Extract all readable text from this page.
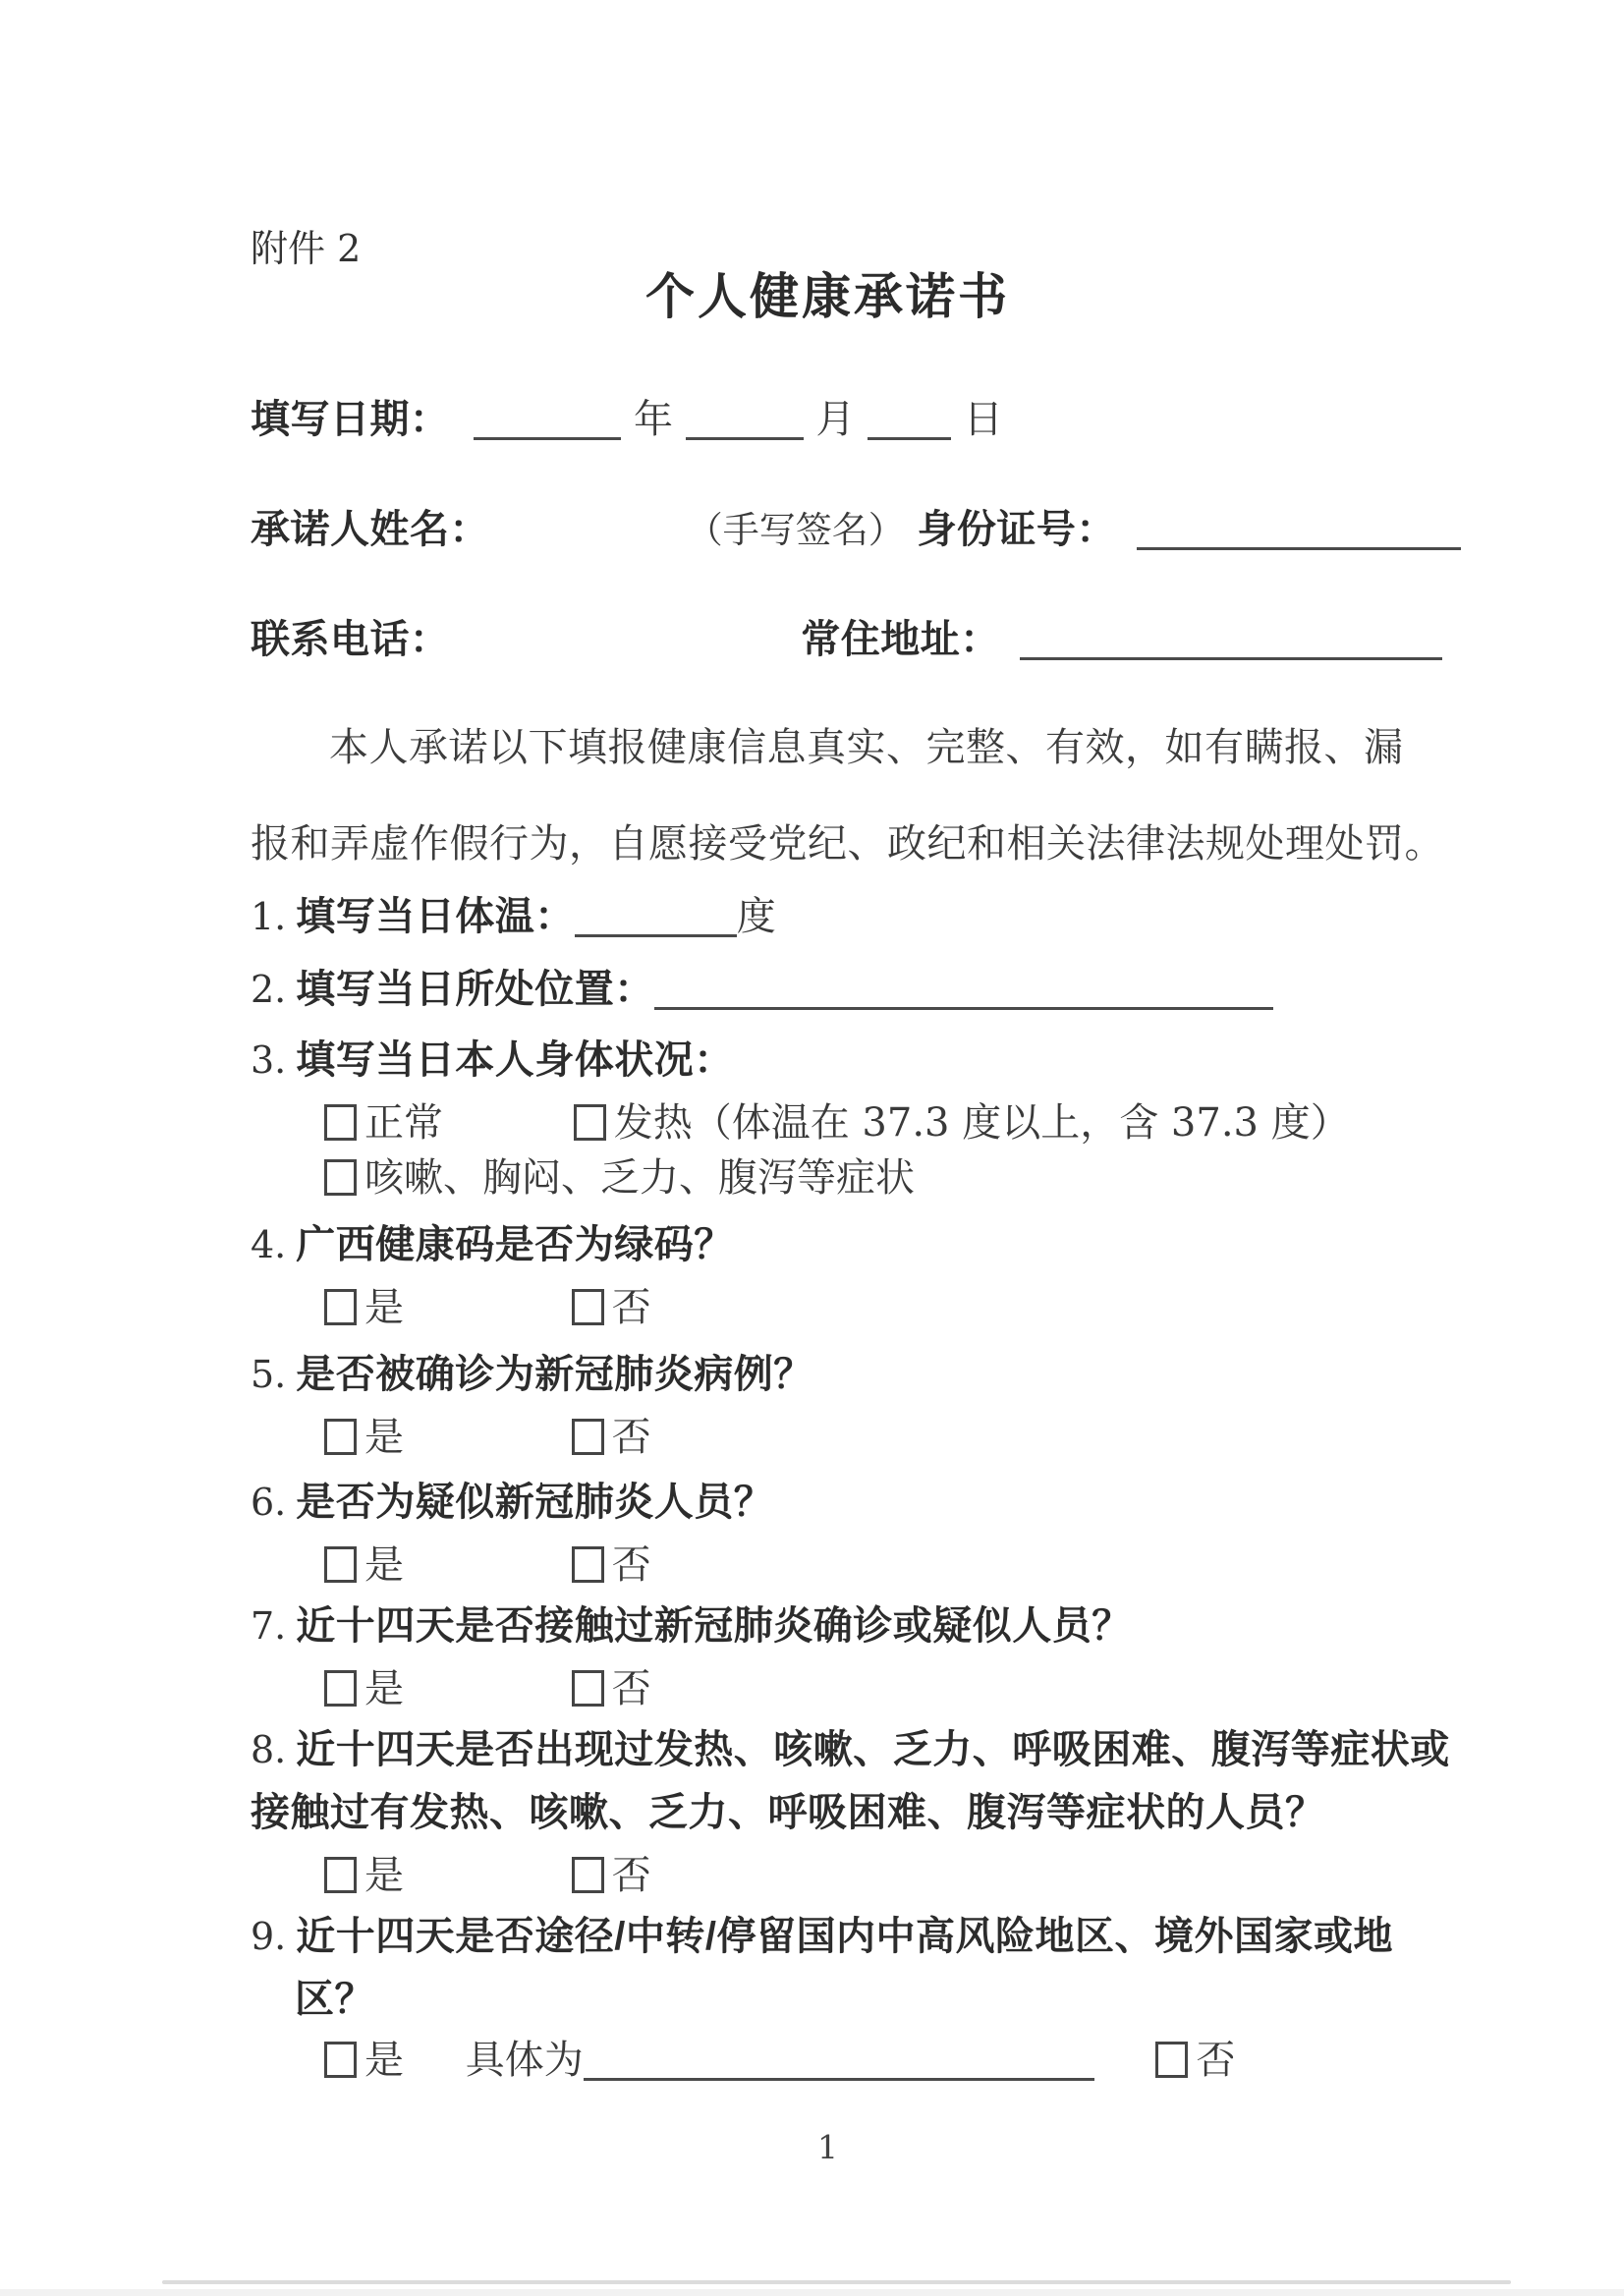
附件 2
个人健康承诺书
填写日期：	年	月	日
承诺人姓名：	（手写签名） 身份证号：
联系电话：	常住地址：
本人承诺以下填报健康信息真实、完整、有效，如有瞒报、漏
报和弄虚作假行为，自愿接受党纪、政纪和相关法律法规处理处罚。
1. 填写当日体温：	度
2. 填写当日所处位置：
3. 填写当日本人身体状况：
正常	发热（体温在 37.3 度以上，含 37.3 度）
咳嗽、胸闷、乏力、腹泻等症状
4. 广西健康码是否为绿码？
是	否
5. 是否被确诊为新冠肺炎病例？
是	否
6. 是否为疑似新冠肺炎人员？
是	否
7. 近十四天是否接触过新冠肺炎确诊或疑似人员？
是	否
8. 近十四天是否出现过发热、咳嗽、乏力、呼吸困难、腹泻等症状或
接触过有发热、咳嗽、乏力、呼吸困难、腹泻等症状的人员？
是	否
9. 近十四天是否途径/中转/停留国内中高风险地区、境外国家或地
区？
是 具体为	否
1
